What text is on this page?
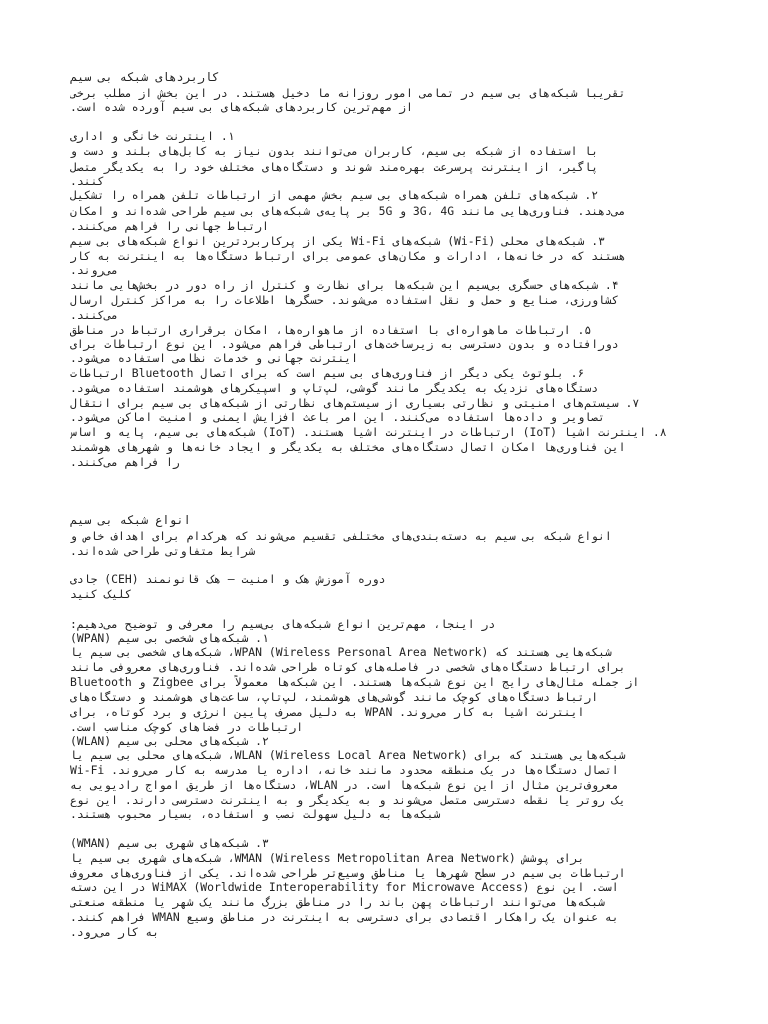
کاربردهای شبکه بی سیم
تقریبا شبکه‌های بی سیم در تمامی امور روزانه ما دخیل هستند. در این بخش از مطلب برخی
از مهم‌ترین کاربردهای شبکه‌های بی سیم آورده شده است.
۱. اینترنت خانگی و اداری
با استفاده از شبکه بی سیم، کاربران می‌توانند بدون نیاز به کابل‌های بلند و دست و
پاگیر، از اینترنت پرسرعت بهره‌مند شوند و دستگاه‌های مختلف خود را به یکدیگر متصل
کنند.
۲. شبکه‌های تلفن همراه شبکه‌های بی سیم بخش مهمی از ارتباطات تلفن همراه را تشکیل
می‌دهند. فناوری‌هایی مانند 3G، 4G و 5G بر پایه‌ی شبکه‌های بی سیم طراحی شده‌اند و امکان
ارتباط جهانی را فراهم می‌کنند.
۳. شبکه‌های محلی (Wi-Fi) شبکه‌های Wi-Fi یکی از پرکاربردترین انواع شبکه‌های بی سیم
هستند که در خانه‌ها، ادارات و مکان‌های عمومی برای ارتباط دستگاه‌ها به اینترنت به کار
می‌روند.
۴. شبکه‌های حسگری بی‌سیم این شبکه‌ها برای نظارت و کنترل از راه دور در بخش‌هایی مانند
کشاورزی، صنایع و حمل و نقل استفاده می‌شوند. حسگرها اطلاعات را به مراکز کنترل ارسال
می‌کنند.
۵. ارتباطات ماهواره‌ای با استفاده از ماهواره‌ها، امکان برقراری ارتباط در مناطق
دورافتاده و بدون دسترسی به زیرساخت‌های ارتباطی فراهم می‌شود. این نوع ارتباطات برای
اینترنت جهانی و خدمات نظامی استفاده می‌شود.
۶. بلوتوث یکی دیگر از فناوری‌های بی سیم است که برای اتصال Bluetooth ارتباطات
دستگاه‌های نزدیک به یکدیگر مانند گوشی، لپ‌تاپ و اسپیکرهای هوشمند استفاده می‌شود.
۷. سیستم‌های امنیتی و نظارتی بسیاری از سیستم‌های نظارتی از شبکه‌های بی سیم برای انتقال
تصاویر و داده‌ها استفاده می‌کنند. این امر باعث افزایش ایمنی و امنیت اماکن می‌شود.
۸. اینترنت اشیا (IoT) ارتباطات در اینترنت اشیا هستند. (IoT) شبکه‌های بی سیم، پایه و اساس
این فناوری‌ها امکان اتصال دستگاه‌های مختلف به یکدیگر و ایجاد خانه‌ها و شهرهای هوشمند
را فراهم می‌کنند.
انواع شبکه بی سیم
انواع شبکه بی سیم به دسته‌بندی‌های مختلفی تقسیم می‌شوند که هرکدام برای اهداف خاص و
شرایط متفاوتی طراحی شده‌اند.
دوره آموزش هک و امنیت – هک قانونمند (CEH) جادی
کلیک کنید
در اینجا، مهم‌ترین انواع شبکه‌های بی‌سیم را معرفی و توضیح می‌دهیم:
۱. شبکه‌های شخصی بی سیم (WPAN)
شبکه‌هایی هستند که WPAN (Wireless Personal Area Network)، شبکه‌های شخصی بی سیم یا
برای ارتباط دستگاه‌های شخصی در فاصله‌های کوتاه طراحی شده‌اند. فناوری‌های معروفی مانند
از جمله مثال‌های رایج این نوع شبکه‌ها هستند. این شبکه‌ها معمولاً برای Zigbee و Bluetooth
ارتباط دستگاه‌های کوچک مانند گوشی‌های هوشمند، لپ‌تاپ، ساعت‌های هوشمند و دستگاه‌های
اینترنت اشیا به کار می‌روند. WPAN به دلیل مصرف پایین انرژی و برد کوتاه، برای
ارتباطات در فضاهای کوچک مناسب است.
۲. شبکه‌های محلی بی سیم (WLAN)
شبکه‌هایی هستند که برای WLAN (Wireless Local Area Network)، شبکه‌های محلی بی سیم یا
اتصال دستگاه‌ها در یک منطقه محدود مانند خانه، اداره یا مدرسه به کار می‌روند. Wi-Fi
معروف‌ترین مثال از این نوع شبکه‌ها است. در WLAN، دستگاه‌ها از طریق امواج رادیویی به
یک روتر یا نقطه دسترسی متصل می‌شوند و به یکدیگر و به اینترنت دسترسی دارند. این نوع
شبکه‌ها به دلیل سهولت نصب و استفاده، بسیار محبوب هستند.
۳. شبکه‌های شهری بی سیم (WMAN)
برای پوشش WMAN (Wireless Metropolitan Area Network)، شبکه‌های شهری بی سیم یا
ارتباطات بی سیم در سطح شهرها یا مناطق وسیع‌تر طراحی شده‌اند. یکی از فناوری‌های معروف
است. این نوع WiMAX (Worldwide Interoperability for Microwave Access) در این دسته
شبکه‌ها می‌توانند ارتباطات پهن باند را در مناطق بزرگ مانند یک شهر یا منطقه صنعتی
به عنوان یک راهکار اقتصادی برای دسترسی به اینترنت در مناطق وسیع WMAN فراهم کنند.
به کار می‌رود.
